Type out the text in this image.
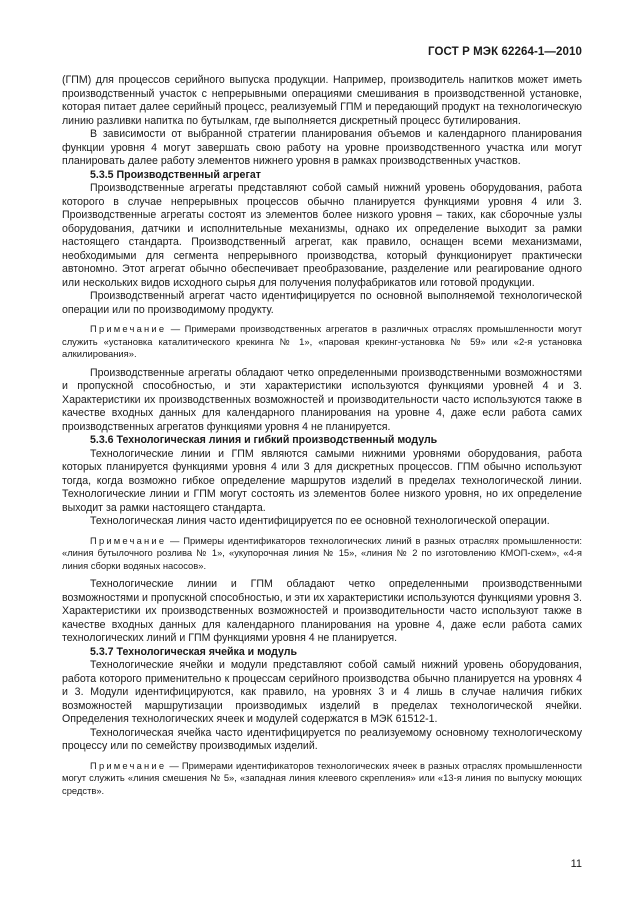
ГОСТ Р МЭК 62264-1—2010

(ГПМ) для процессов серийного выпуска продукции. Например, производитель напитков может иметь производственный участок с непрерывными операциями смешивания в производственной установке, которая питает далее серийный процесс, реализуемый ГПМ и передающий продукт на технологическую линию разливки напитка по бутылкам, где выполняется дискретный процесс бутилирования.

В зависимости от выбранной стратегии планирования объемов и календарного планирования функции уровня 4 могут завершать свою работу на уровне производственного участка или могут планировать далее работу элементов нижнего уровня в рамках производственных участков.

5.3.5 Производственный агрегат

Производственные агрегаты представляют собой самый нижний уровень оборудования, работа которого в случае непрерывных процессов обычно планируется функциями уровня 4 или 3. Производственные агрегаты состоят из элементов более низкого уровня – таких, как сборочные узлы оборудования, датчики и исполнительные механизмы, однако их определение выходит за рамки настоящего стандарта. Производственный агрегат, как правило, оснащен всеми механизмами, необходимыми для сегмента непрерывного производства, который функционирует практически автономно. Этот агрегат обычно обеспечивает преобразование, разделение или реагирование одного или нескольких видов исходного сырья для получения полуфабрикатов или готовой продукции.

Производственный агрегат часто идентифицируется по основной выполняемой технологической операции или по производимому продукту.

Примечание — Примерами производственных агрегатов в различных отраслях промышленности могут служить «установка каталитического крекинга № 1», «паровая крекинг-установка № 59» или «2-я установка алкилирования».

Производственные агрегаты обладают четко определенными производственными возможностями и пропускной способностью, и эти характеристики используются функциями уровней 4 и 3. Характеристики их производственных возможностей и производительности часто используются также в качестве входных данных для календарного планирования на уровне 4, даже если работа самих производственных агрегатов функциями уровня 4 не планируется.

5.3.6 Технологическая линия и гибкий производственный модуль

Технологические линии и ГПМ являются самыми нижними уровнями оборудования, работа которых планируется функциями уровня 4 или 3 для дискретных процессов. ГПМ обычно используют тогда, когда возможно гибкое определение маршрутов изделий в пределах технологической линии. Технологические линии и ГПМ могут состоять из элементов более низкого уровня, но их определение выходит за рамки настоящего стандарта.

Технологическая линия часто идентифицируется по ее основной технологической операции.

Примечание — Примеры идентификаторов технологических линий в разных отраслях промышленности: «линия бутылочного розлива № 1», «укупорочная линия № 15», «линия № 2 по изготовлению КМОП-схем», «4-я линия сборки водяных насосов».

Технологические линии и ГПМ обладают четко определенными производственными возможностями и пропускной способностью, и эти их характеристики используются функциями уровня 3. Характеристики их производственных возможностей и производительности часто используют также в качестве входных данных для календарного планирования на уровне 4, даже если работа самих технологических линий и ГПМ функциями уровня 4 не планируется.

5.3.7 Технологическая ячейка и модуль

Технологические ячейки и модули представляют собой самый нижний уровень оборудования, работа которого применительно к процессам серийного производства обычно планируется на уровнях 4 и 3. Модули идентифицируются, как правило, на уровнях 3 и 4 лишь в случае наличия гибких возможностей маршрутизации производимых изделий в пределах технологической ячейки. Определения технологических ячеек и модулей содержатся в МЭК 61512-1.

Технологическая ячейка часто идентифицируется по реализуемому основному технологическому процессу или по семейству производимых изделий.

Примечание — Примерами идентификаторов технологических ячеек в разных отраслях промышленности могут служить «линия смешения № 5», «западная линия клеевого скрепления» или «13-я линия по выпуску моющих средств».

11
